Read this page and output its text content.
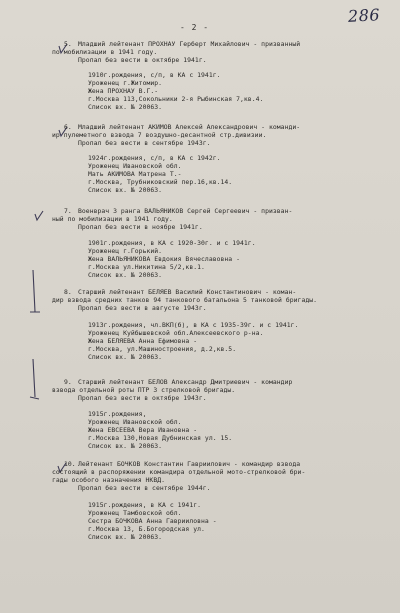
- 2 -
286
5. Младший лейтенант ПРОХНАУ Герберт Михайлович - призванный
по мобилизации в 1941 году.
Пропал без вести в октябре 1941г.
1910г.рождения, с/п, в КА с 1941г.
Уроженец г.Житомир.
Жена ПРОХНАУ В.Г.-
г.Москва 113,Сокольники 2-я Рыбинская 7,кв.4.
Список вх. № 20063.
6. Младший лейтенант АКИМОВ Алексей Александрович - команди-
ир пулеметного взвода 7 воздушно-десантной стр.дивизии.
Пропал без вести в сентябре 1943г.
1924г.рождения, с/п, в КА с 1942г.
Уроженец Ивановской обл.
Мать АКИМОВА Матрена Т.-
г.Москва, Трубниковский пер.16,кв.14.
Список вх. № 20063.
7. Военврач 3 ранга ВАЛЬЯНИКОВ Сергей Сергеевич - призван-
ный по мобилизации в 1941 году.
Пропал без вести в ноябре 1941г.
1901г.рождения, в КА с 1920-30г. и с 1941г.
Уроженец г.Горький.
Жена ВАЛЬЯНИКОВА Евдокия Вячеславовна -
г.Москва ул.Никитина 5/2,кв.1.
Список вх. № 20063.
8. Старший лейтенант БЕЛЯЕВ Василий Константинович - коман-
дир взвода средних танков 94 танкового батальона 5 танковой бригады.
Пропал без вести в августе 1943г.
1913г.рождения, чл.ВКП(б), в КА с 1935-39г. и с 1941г.
Уроженец Куйбышевской обл.Алексеевского р-на.
Жена БЕЛЯЕВА Анна Ефимовна -
г.Москва, ул.Машиностроения, д.2,кв.5.
Список вх. № 20063.
9. Старший лейтенант БЕЛОВ Александр Дмитриевич - командир
взвода отдельной роты ПТР 3 стрелковой бригады.
Пропал без вести в октябре 1943г.
1915г.рождения,
Уроженец Ивановской обл.
Жена ЕВСЕЕВА Вера Ивановна -
г.Москва 130,Новая Дубнинская ул. 15.
Список вх. № 20063.
10. Лейтенант БОЧКОВ Константин Гавриилович - командир взвода
состоящий в распоряжении командира отдельной мото-стрелковой бри-
гады особого назначения НКВД.
Пропал без вести в сентябре 1944г.
1915г.рождения, в КА с 1941г.
Уроженец Тамбовской обл.
Сестра БОЧКОВА Анна Гаврииловна -
г.Москва 13, Б.Богородская ул.
Список вх. № 20063.
